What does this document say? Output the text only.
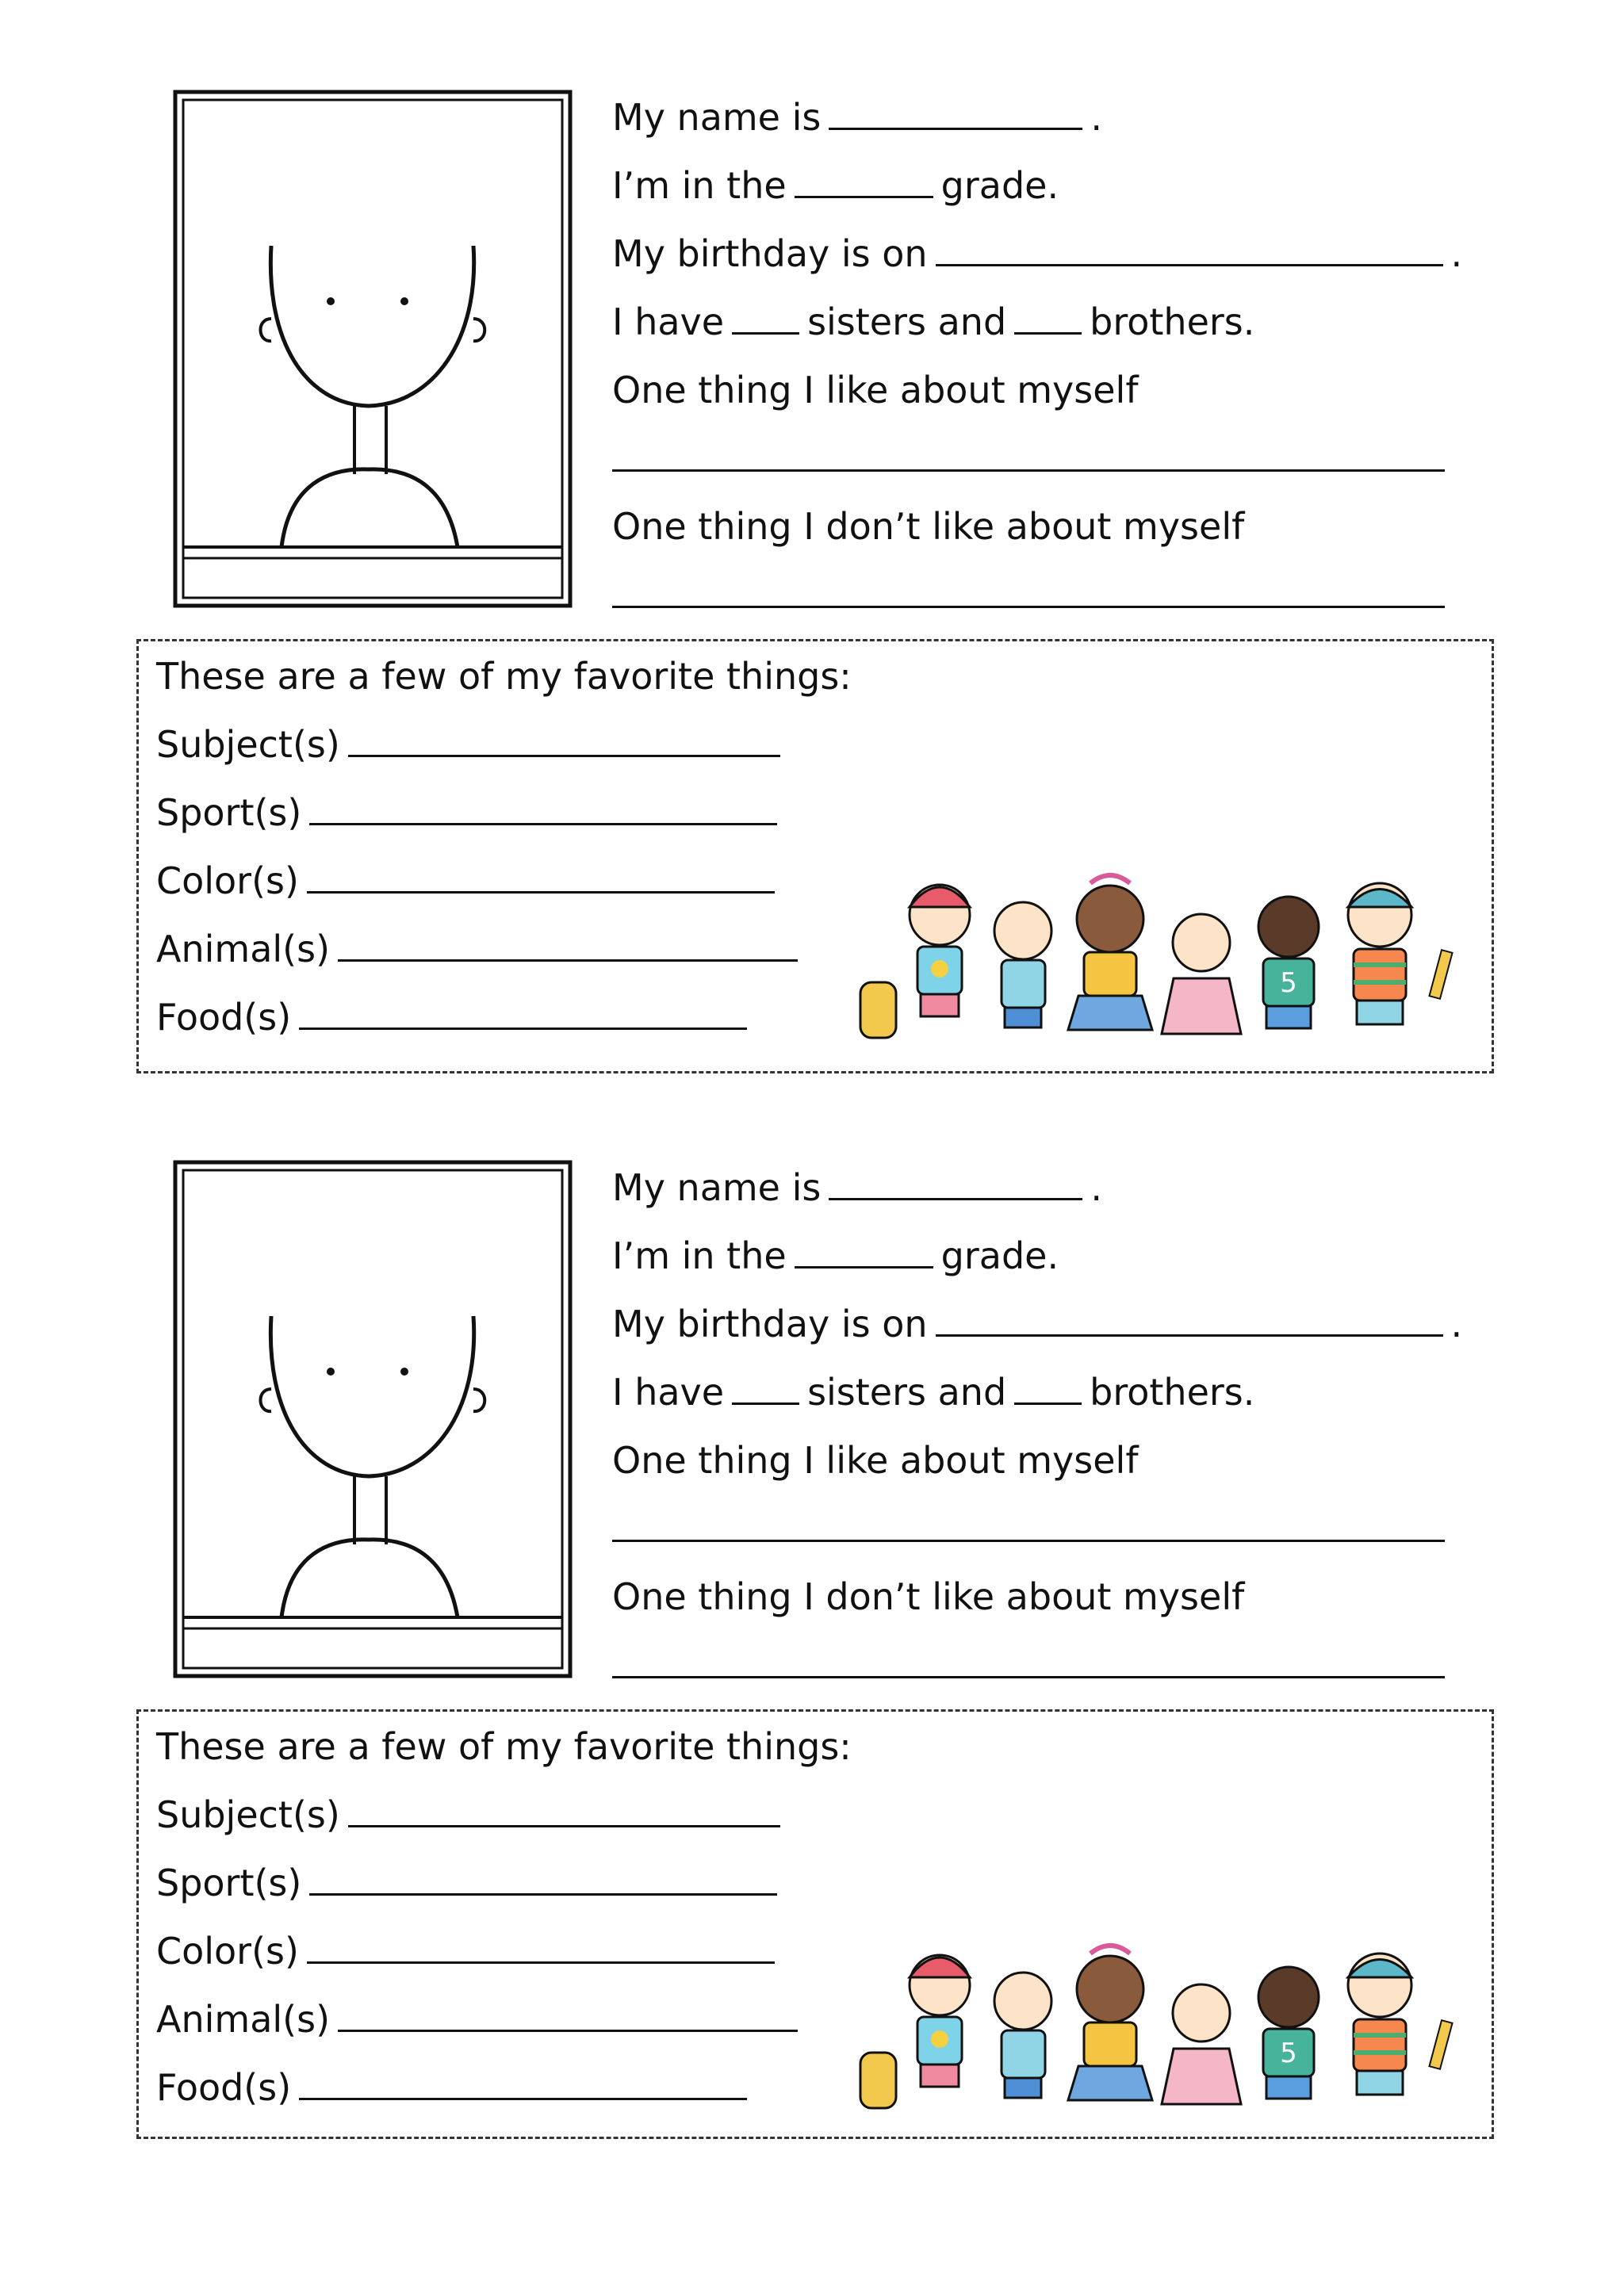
My name is	.
I’m in the	grade.
My birthday is on	.
I have sisters and brothers.
One thing I like about myself
One thing I don’t like about myself
These are a few of my favorite things:
Subject(s)
Sport(s)
Color(s)
Animal(s)
Food(s)
5
My name is	.
I’m in the	grade.
My birthday is on	.
I have sisters and brothers.
One thing I like about myself
One thing I don’t like about myself
These are a few of my favorite things:
Subject(s)
Sport(s)
Color(s)
Animal(s)
Food(s)
5
